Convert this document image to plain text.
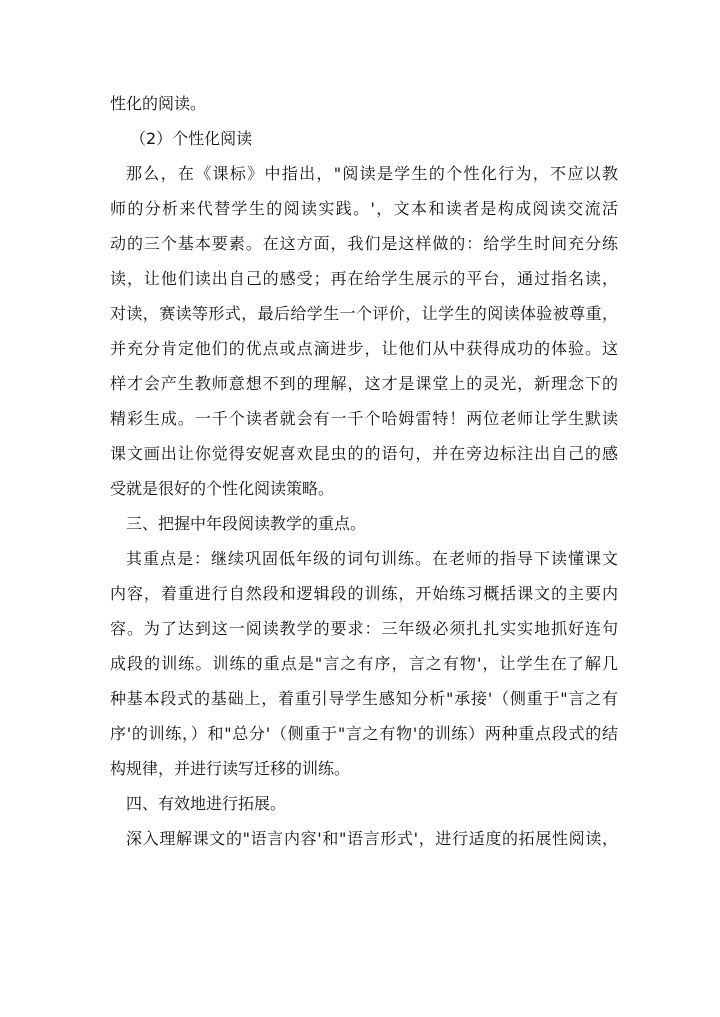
性化的阅读。
（2）个性化阅读
那么，在《课标》中指出，"阅读是学生的个性化行为，不应以教
师的分析来代替学生的阅读实践。'，文本和读者是构成阅读交流活
动的三个基本要素。在这方面，我们是这样做的：给学生时间充分练
读，让他们读出自己的感受；再在给学生展示的平台，通过指名读，
对读，赛读等形式，最后给学生一个评价，让学生的阅读体验被尊重，
并充分肯定他们的优点或点滴进步，让他们从中获得成功的体验。这
样才会产生教师意想不到的理解，这才是课堂上的灵光，新理念下的
精彩生成。一千个读者就会有一千个哈姆雷特！两位老师让学生默读
课文画出让你觉得安妮喜欢昆虫的的语句，并在旁边标注出自己的感
受就是很好的个性化阅读策略。
三、把握中年段阅读教学的重点。
其重点是：继续巩固低年级的词句训练。在老师的指导下读懂课文
内容，着重进行自然段和逻辑段的训练，开始练习概括课文的主要内
容。为了达到这一阅读教学的要求：三年级必须扎扎实实地抓好连句
成段的训练。训练的重点是"言之有序，言之有物'，让学生在了解几
种基本段式的基础上，着重引导学生感知分析"承接'（侧重于"言之有
序'的训练，）和"总分'（侧重于"言之有物'的训练）两种重点段式的结
构规律，并进行读写迁移的训练。
四、有效地进行拓展。
深入理解课文的"语言内容'和"语言形式'，进行适度的拓展性阅读，
